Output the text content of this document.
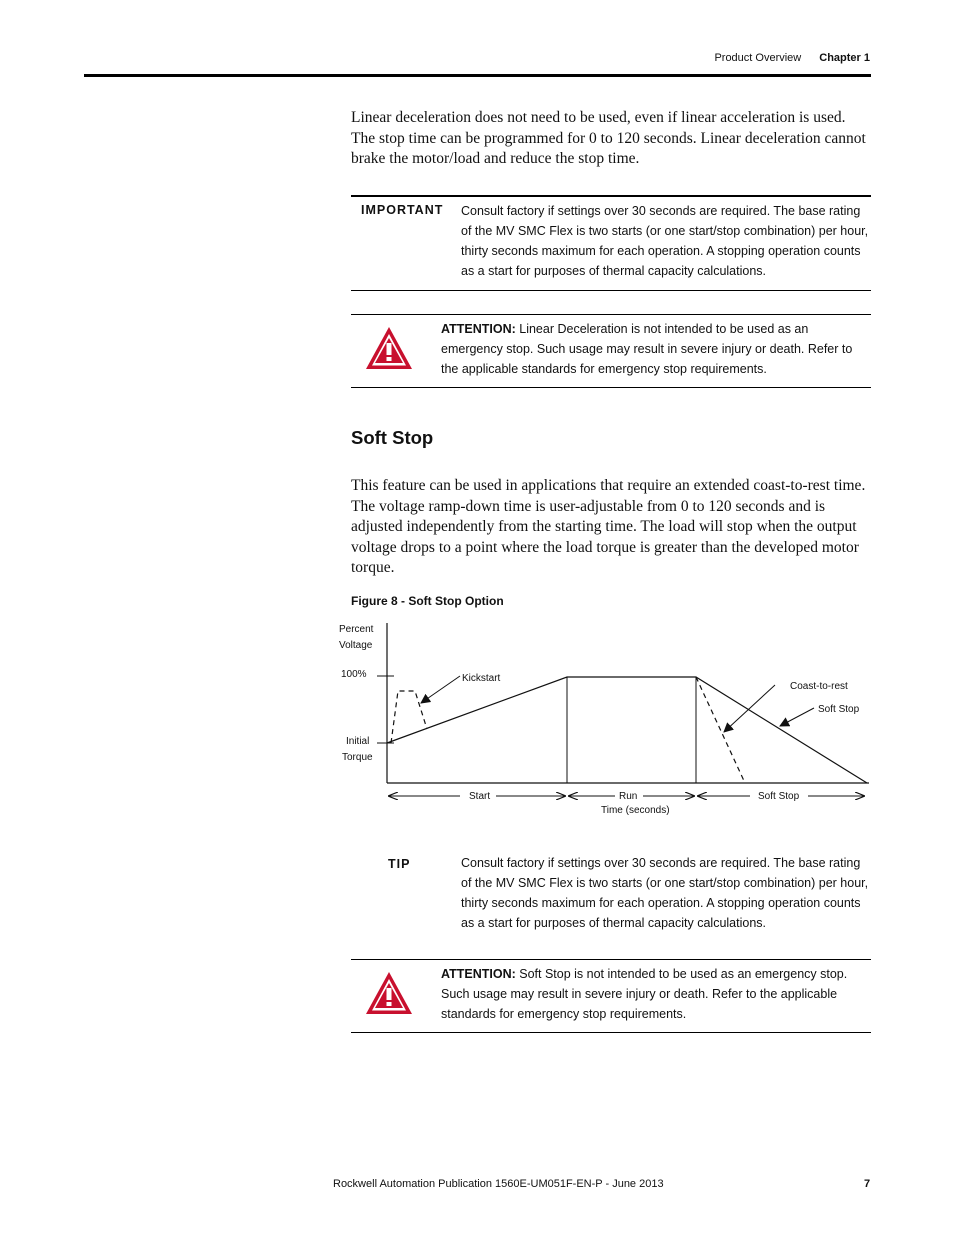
Product Overview Chapter 1
Linear deceleration does not need to be used, even if linear acceleration is used. The stop time can be programmed for 0 to 120 seconds. Linear deceleration cannot brake the motor/load and reduce the stop time.
IMPORTANT Consult factory if settings over 30 seconds are required. The base rating of the MV SMC Flex is two starts (or one start/stop combination) per hour, thirty seconds maximum for each operation. A stopping operation counts as a start for purposes of thermal capacity calculations.
ATTENTION: Linear Deceleration is not intended to be used as an emergency stop. Such usage may result in severe injury or death. Refer to the applicable standards for emergency stop requirements.
Soft Stop
This feature can be used in applications that require an extended coast-to-rest time. The voltage ramp-down time is user-adjustable from 0 to 120 seconds and is adjusted independently from the starting time. The load will stop when the output voltage drops to a point where the load torque is greater than the developed motor torque.
Figure 8 - Soft Stop Option
Percent
Voltage
100%
Initial
Torque
Kickstart
Coast-to-rest
Soft Stop
Start	Run
Time (seconds)
Soft Stop
TIP	Consult factory if settings over 30 seconds are required. The base rating of the MV SMC Flex is two starts (or one start/stop combination) per hour, thirty seconds maximum for each operation. A stopping operation counts as a start for purposes of thermal capacity calculations.
ATTENTION: Soft Stop is not intended to be used as an emergency stop. Such usage may result in severe injury or death. Refer to the applicable standards for emergency stop requirements.
Rockwell Automation Publication 1560E-UM051F-EN-P - June 2013	7
